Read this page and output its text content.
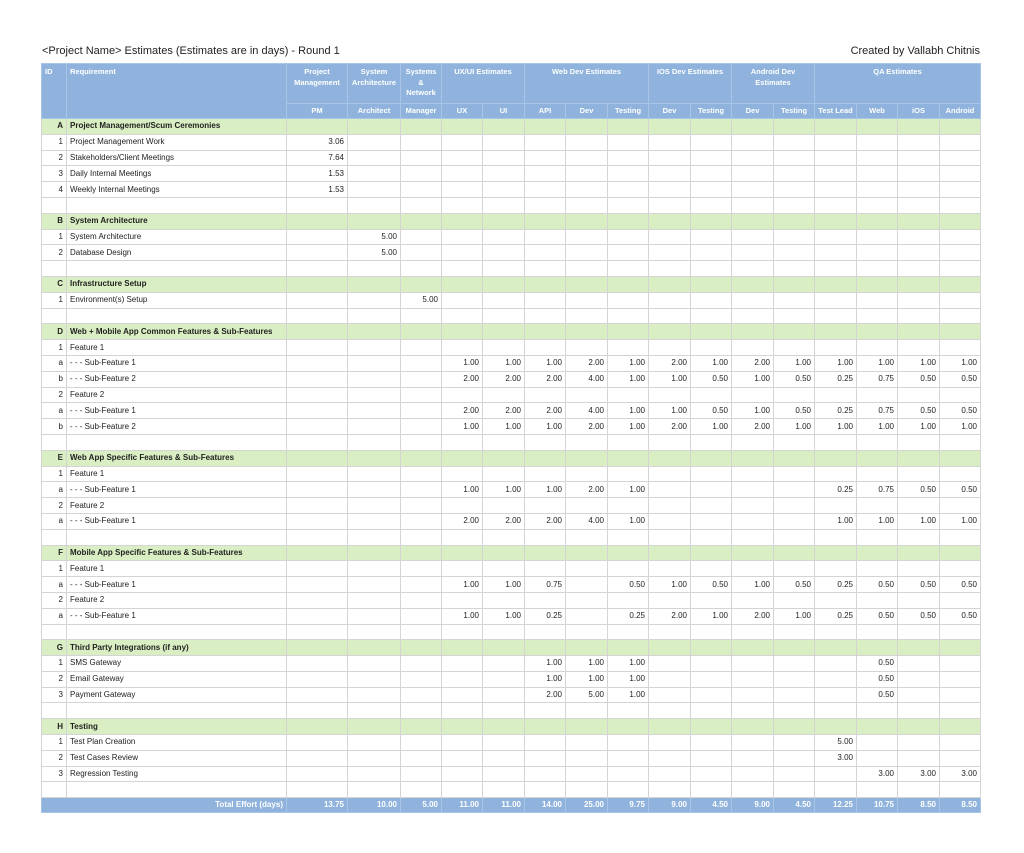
<Project Name> Estimates (Estimates are in days) - Round 1	Created by Vallabh Chitnis
ID	Requirement	Project Management	System Architecture	Systems & Network	UX/UI Estimates		Web Dev Estimates			IOS Dev Estimates		Android Dev Estimates		QA Estimates			
		PM	Architect	Manager	UX	UI	API	Dev	Testing	Dev	Testing	Dev	Testing	Test Lead	Web	iOS	Android
A	Project Management/Scum Ceremonies																
1	Project Management Work	3.06															
2	Stakeholders/Client Meetings	7.64															
3	Daily Internal Meetings	1.53															
4	Weekly Internal Meetings	1.53															

B	System Architecture																
1	System Architecture		5.00														
2	Database Design		5.00														

C	Infrastructure Setup																
1	Environment(s) Setup			5.00													

D	Web + Mobile App Common Features & Sub-Features																
1	Feature 1																
a	- - - Sub-Feature 1				1.00	1.00	1.00	2.00	1.00	2.00	1.00	2.00	1.00	1.00	1.00	1.00	1.00
b	- - - Sub-Feature 2				2.00	2.00	2.00	4.00	1.00	1.00	0.50	1.00	0.50	0.25	0.75	0.50	0.50
2	Feature 2																
a	- - - Sub-Feature 1				2.00	2.00	2.00	4.00	1.00	1.00	0.50	1.00	0.50	0.25	0.75	0.50	0.50
b	- - - Sub-Feature 2				1.00	1.00	1.00	2.00	1.00	2.00	1.00	2.00	1.00	1.00	1.00	1.00	1.00

E	Web App Specific Features & Sub-Features																
1	Feature 1																
a	- - - Sub-Feature 1				1.00	1.00	1.00	2.00	1.00					0.25	0.75	0.50	0.50
2	Feature 2																
a	- - - Sub-Feature 1				2.00	2.00	2.00	4.00	1.00					1.00	1.00	1.00	1.00

F	Mobile App Specific Features & Sub-Features																
1	Feature 1																
a	- - - Sub-Feature 1				1.00	1.00	0.75		0.50	1.00	0.50	1.00	0.50	0.25	0.50	0.50	0.50
2	Feature 2																
a	- - - Sub-Feature 1				1.00	1.00	0.25		0.25	2.00	1.00	2.00	1.00	0.25	0.50	0.50	0.50

G	Third Party Integrations (if any)																
1	SMS Gateway						1.00	1.00	1.00						0.50		
2	Email Gateway						1.00	1.00	1.00						0.50		
3	Payment Gateway						2.00	5.00	1.00						0.50		

H	Testing																
1	Test Plan Creation													5.00			
2	Test Cases Review													3.00			
3	Regression Testing														3.00	3.00	3.00

Total Effort (days)		13.75	10.00	5.00	11.00	11.00	14.00	25.00	9.75	9.00	4.50	9.00	4.50	12.25	10.75	8.50	8.50
